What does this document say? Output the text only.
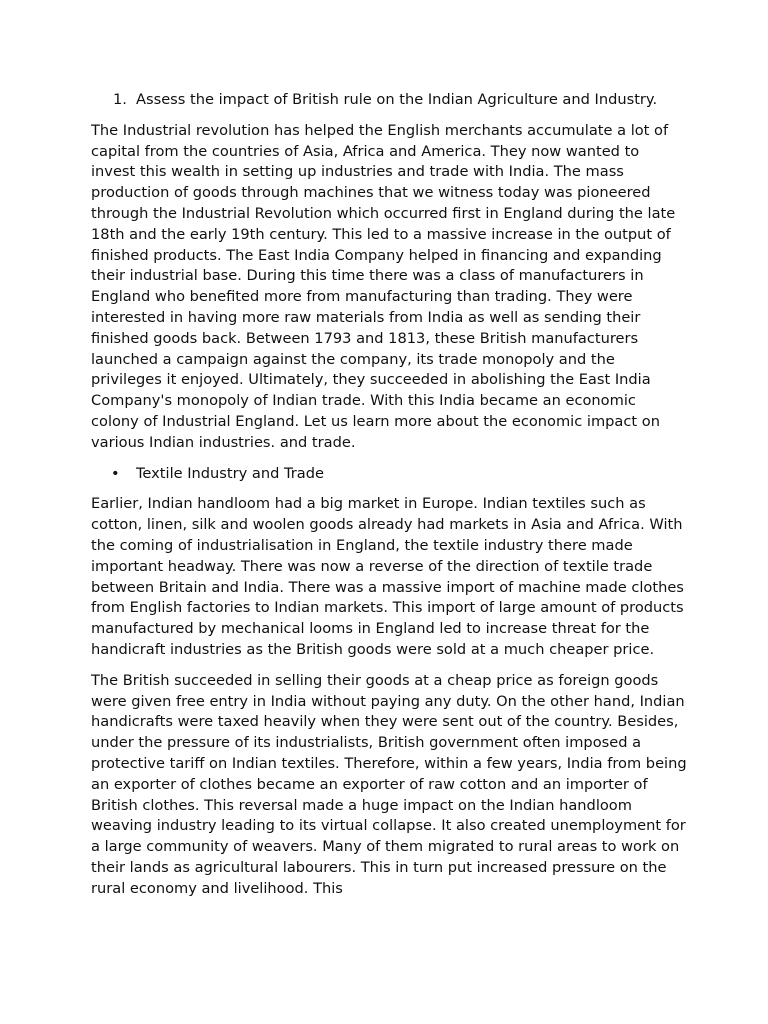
1. Assess the impact of British rule on the Indian Agriculture and Industry.

The Industrial revolution has helped the English merchants accumulate a lot of capital from the countries of Asia, Africa and America. They now wanted to invest this wealth in setting up industries and trade with India. The mass production of goods through machines that we witness today was pioneered through the Industrial Revolution which occurred first in England during the late 18th and the early 19th century. This led to a massive increase in the output of finished products. The East India Company helped in financing and expanding their industrial base. During this time there was a class of manufacturers in England who benefited more from manufacturing than trading. They were interested in having more raw materials from India as well as sending their finished goods back. Between 1793 and 1813, these British manufacturers launched a campaign against the company, its trade monopoly and the privileges it enjoyed. Ultimately, they succeeded in abolishing the East India Company's monopoly of Indian trade. With this India became an economic colony of Industrial England. Let us learn more about the economic impact on various Indian industries. and trade.

• Textile Industry and Trade

Earlier, Indian handloom had a big market in Europe. Indian textiles such as cotton, linen, silk and woolen goods already had markets in Asia and Africa. With the coming of industrialisation in England, the textile industry there made important headway. There was now a reverse of the direction of textile trade between Britain and India. There was a massive import of machine made clothes from English factories to Indian markets. This import of large amount of products manufactured by mechanical looms in England led to increase threat for the handicraft industries as the British goods were sold at a much cheaper price.

The British succeeded in selling their goods at a cheap price as foreign goods were given free entry in India without paying any duty. On the other hand, Indian handicrafts were taxed heavily when they were sent out of the country. Besides, under the pressure of its industrialists, British government often imposed a protective tariff on Indian textiles. Therefore, within a few years, India from being an exporter of clothes became an exporter of raw cotton and an importer of British clothes. This reversal made a huge impact on the Indian handloom weaving industry leading to its virtual collapse. It also created unemployment for a large community of weavers. Many of them migrated to rural areas to work on their lands as agricultural labourers. This in turn put increased pressure on the rural economy and livelihood. This
